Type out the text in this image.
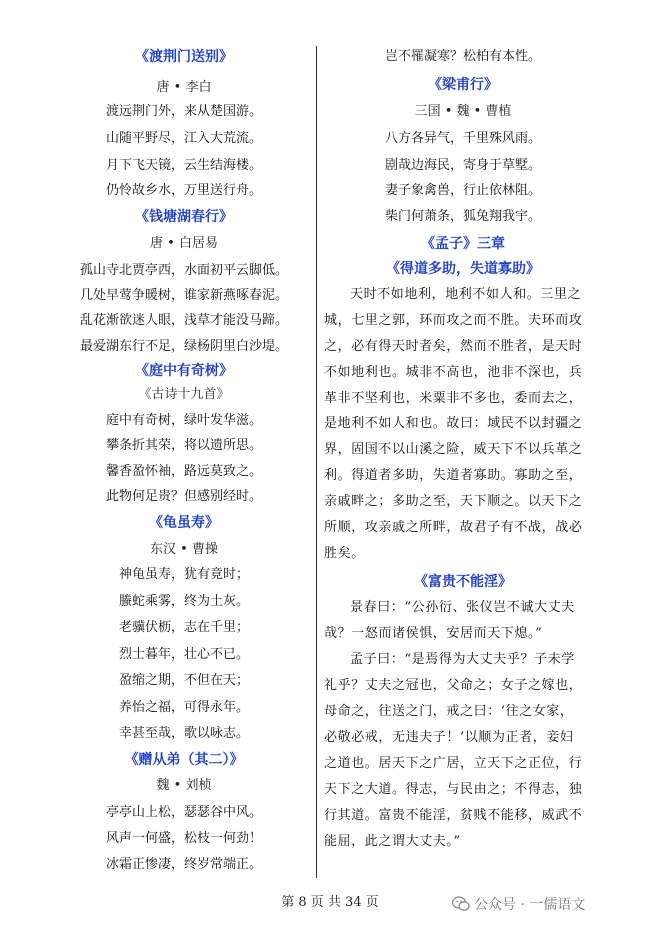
《渡荆门送别》
唐 • 李白
渡远荆门外，来从楚国游。
山随平野尽，江入大荒流。
月下飞天镜，云生结海楼。
仍怜故乡水，万里送行舟。
《钱塘湖春行》
唐 • 白居易
孤山寺北贾亭西，水面初平云脚低。
几处早莺争暖树，谁家新燕啄春泥。
乱花渐欲迷人眼，浅草才能没马蹄。
最爱湖东行不足，绿杨阴里白沙堤。
《庭中有奇树》
《古诗十九首》
庭中有奇树，绿叶发华滋。
攀条折其荣，将以遗所思。
馨香盈怀袖，路远莫致之。
此物何足贵？但感别经时。
《龟虽寿》
东汉 • 曹操
神龟虽寿，犹有竟时；
螣蛇乘雾，终为土灰。
老骥伏枥，志在千里；
烈士暮年，壮心不已。
盈缩之期，不但在天；
养怡之福，可得永年。
幸甚至哉，歌以咏志。
《赠从弟（其二）》
魏 • 刘桢
亭亭山上松，瑟瑟谷中风。
风声一何盛，松枝一何劲！
冰霜正惨凄，终岁常端正。
岂不罹凝寒？松柏有本性。
《梁甫行》
三国 • 魏 • 曹植
八方各异气，千里殊风雨。
剧哉边海民，寄身于草墅。
妻子象禽兽，行止依林阻。
柴门何萧条，狐兔翔我宇。
《孟子》三章
《得道多助，失道寡助》
天时不如地利，地利不如人和。三里之
城，七里之郭，环而攻之而不胜。夫环而攻
之，必有得天时者矣，然而不胜者，是天时
不如地利也。城非不高也，池非不深也，兵
革非不坚利也，米粟非不多也，委而去之，
是地利不如人和也。故曰：域民不以封疆之
界，固国不以山溪之险，威天下不以兵革之
利。得道者多助，失道者寡助。寡助之至，
亲戚畔之；多助之至，天下顺之。以天下之
所顺，攻亲戚之所畔，故君子有不战，战必
胜矣。
《富贵不能淫》
景春曰：“公孙衍、张仪岂不诚大丈夫
哉？一怒而诸侯惧，安居而天下熄。”
孟子曰：“是焉得为大丈夫乎？子未学
礼乎？丈夫之冠也，父命之；女子之嫁也，
母命之，往送之门，戒之曰：‘往之女家，
必敬必戒，无违夫子！’以顺为正者，妾妇
之道也。居天下之广居，立天下之正位，行
天下之大道。得志，与民由之；不得志，独
行其道。富贵不能淫，贫贱不能移，威武不
能屈，此之谓大丈夫。”
第 8 页 共 34 页	公众号 · 一儒语文
